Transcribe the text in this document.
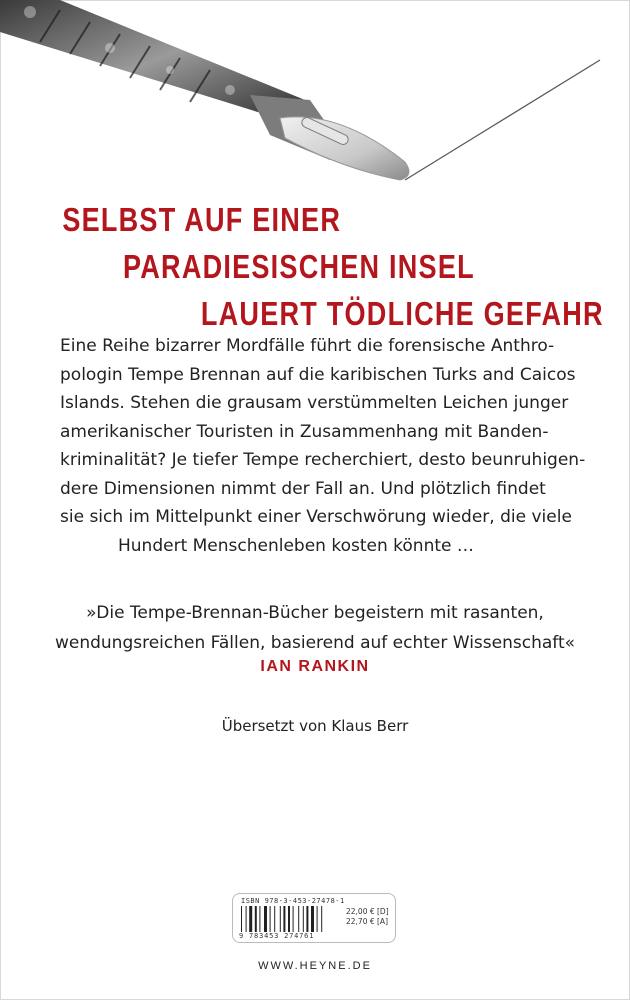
SELBST AUF EINER
PARADIESISCHEN INSEL
LAUERT TÖDLICHE GEFAHR
Eine Reihe bizarrer Mordfälle führt die forensische Anthro-
pologin Tempe Brennan auf die karibischen Turks and Caicos
Islands. Stehen die grausam verstümmelten Leichen junger
amerikanischer Touristen in Zusammenhang mit Banden-
kriminalität? Je tiefer Tempe recherchiert, desto beunruhigen-
dere Dimensionen nimmt der Fall an. Und plötzlich findet
sie sich im Mittelpunkt einer Verschwörung wieder, die viele
Hundert Menschenleben kosten könnte …
»Die Tempe-Brennan-Bücher begeistern mit rasanten,
wendungsreichen Fällen, basierend auf echter Wissenschaft«
IAN RANKIN
Übersetzt von Klaus Berr
ISBN 978-3-453-27478-1
22,00 € [D]
22,70 € [A]
9 783453 274761
WWW.HEYNE.DE
